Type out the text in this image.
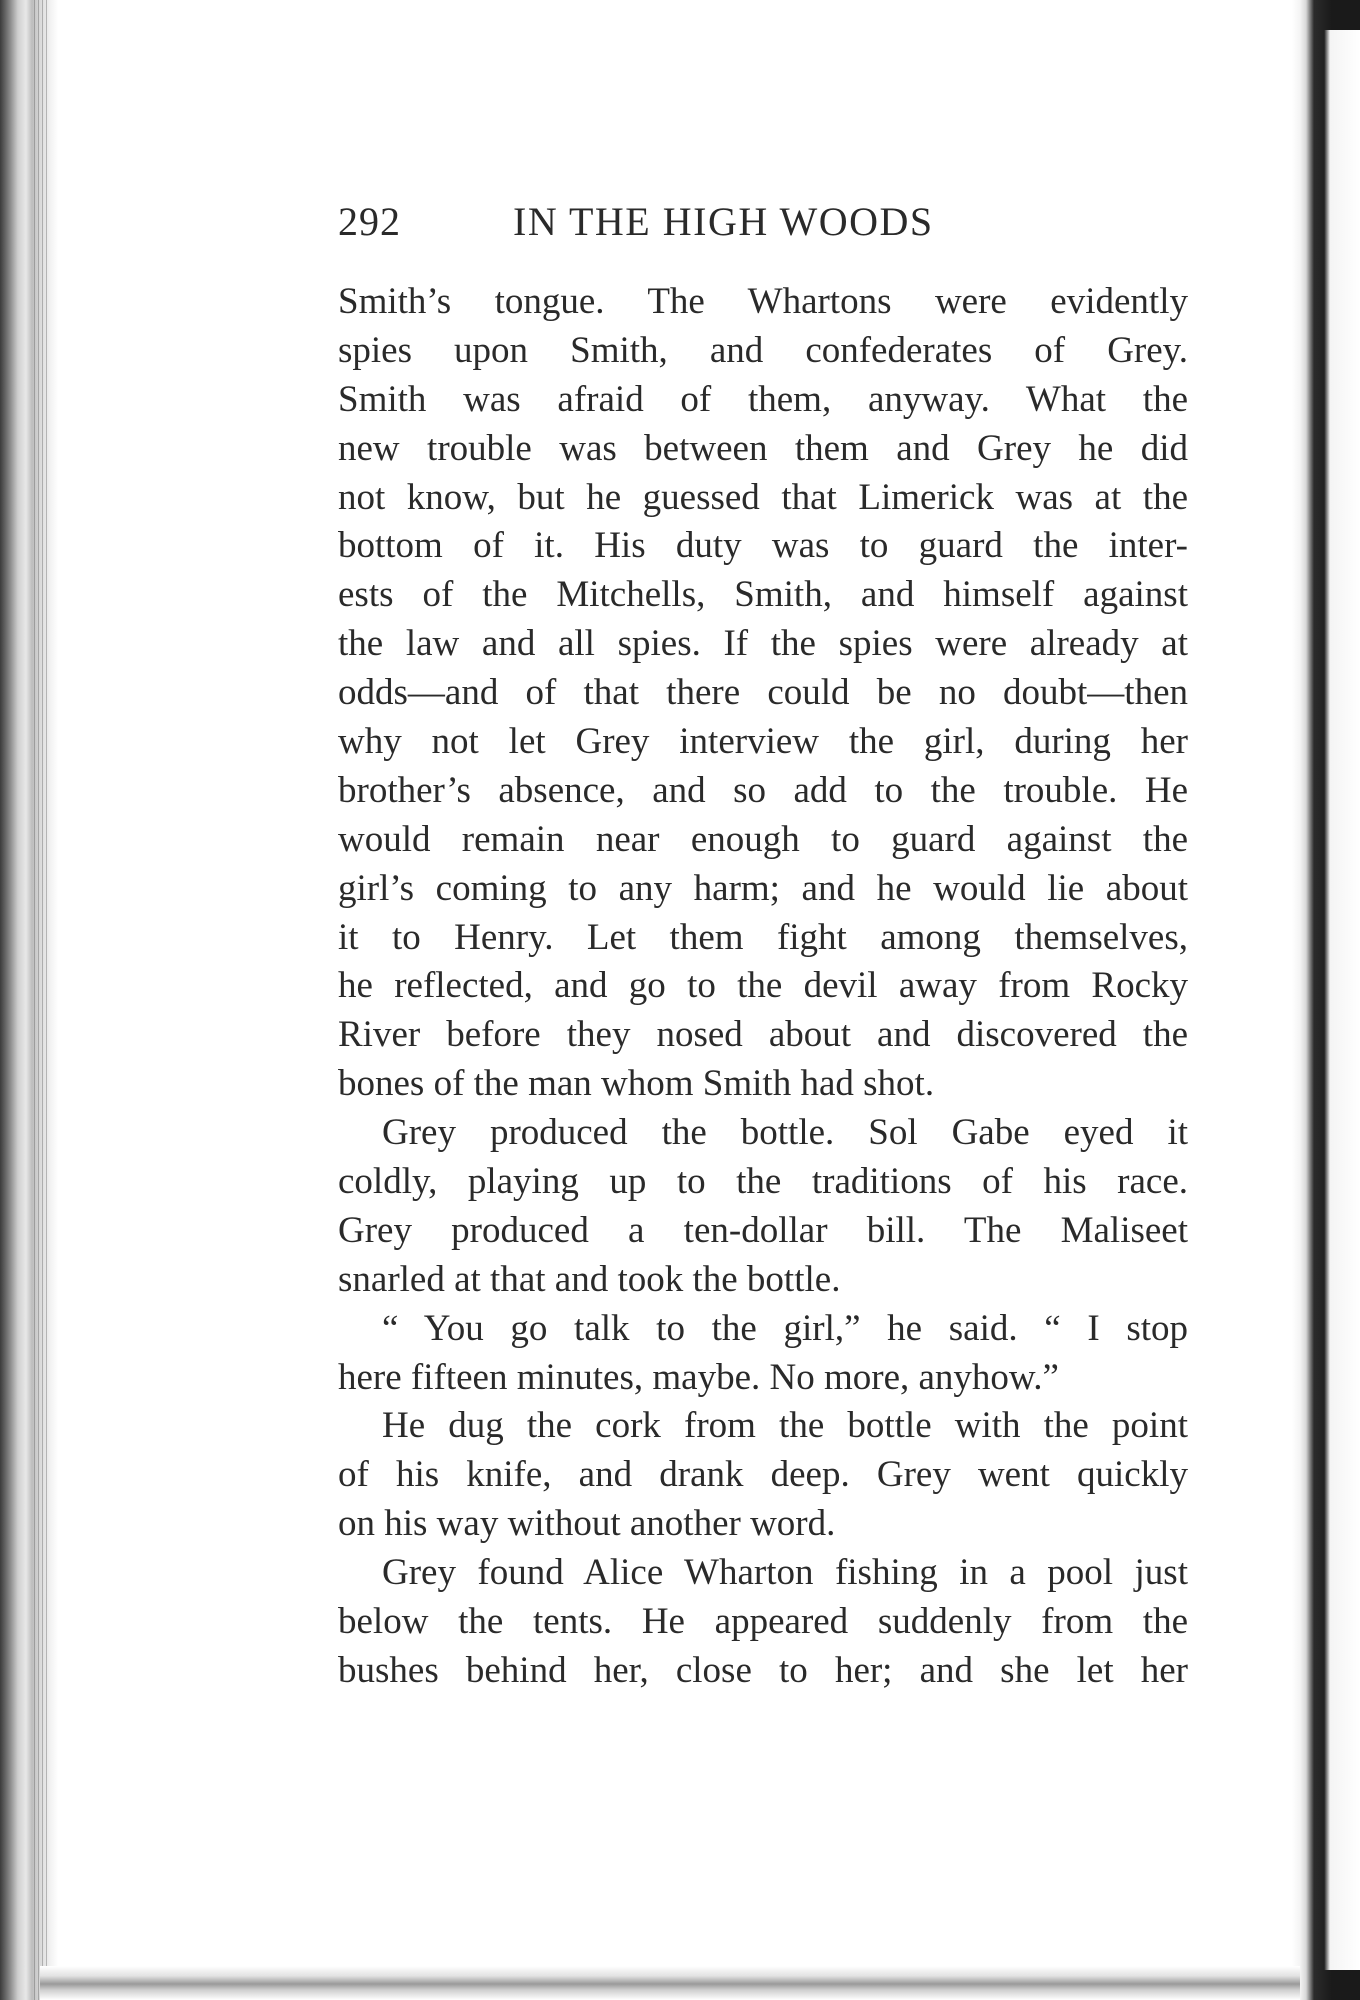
292	IN THE HIGH WOODS
Smith’s tongue. The Whartons were evidently
spies upon Smith, and confederates of Grey.
Smith was afraid of them, anyway. What the
new trouble was between them and Grey he did
not know, but he guessed that Limerick was at the
bottom of it. His duty was to guard the inter-
ests of the Mitchells, Smith, and himself against
the law and all spies. If the spies were already at
odds—and of that there could be no doubt—then
why not let Grey interview the girl, during her
brother’s absence, and so add to the trouble. He
would remain near enough to guard against the
girl’s coming to any harm; and he would lie about
it to Henry. Let them fight among themselves,
he reflected, and go to the devil away from Rocky
River before they nosed about and discovered the
bones of the man whom Smith had shot.
Grey produced the bottle. Sol Gabe eyed it
coldly, playing up to the traditions of his race.
Grey produced a ten-dollar bill. The Maliseet
snarled at that and took the bottle.
“ You go talk to the girl,” he said. “ I stop
here fifteen minutes, maybe. No more, anyhow.”
He dug the cork from the bottle with the point
of his knife, and drank deep. Grey went quickly
on his way without another word.
Grey found Alice Wharton fishing in a pool just
below the tents. He appeared suddenly from the
bushes behind her, close to her; and she let her
